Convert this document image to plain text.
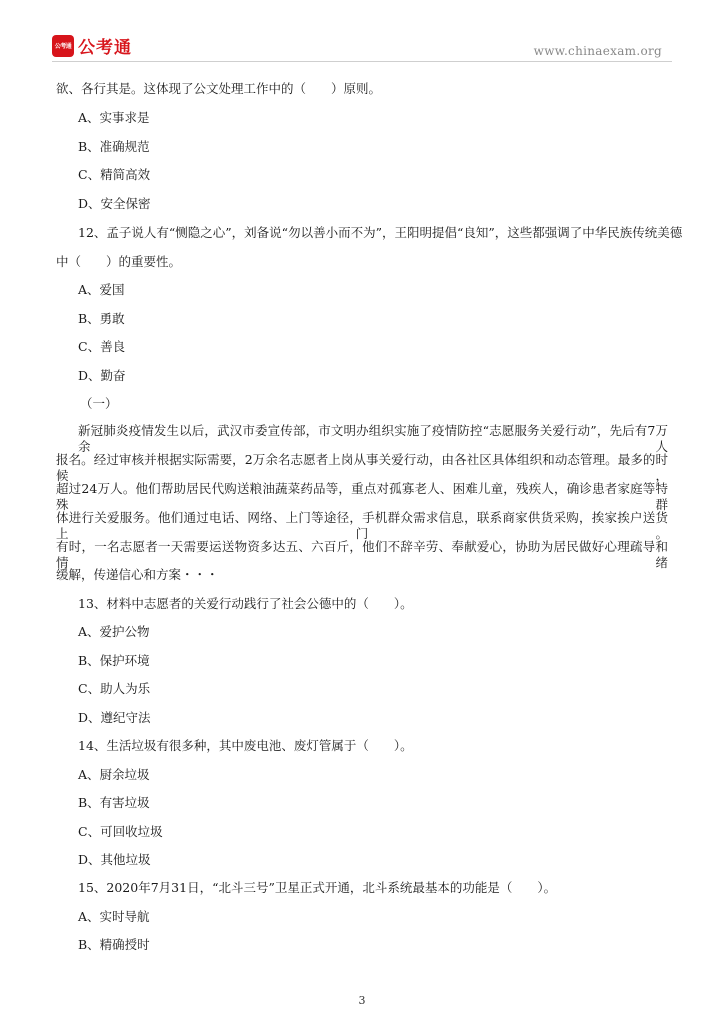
公考通 公考通	www.chinaexam.org
欲、各行其是。这体现了公文处理工作中的（　　）原则。
A、实事求是
B、准确规范
C、精简高效
D、安全保密
12、孟子说人有“恻隐之心”，刘备说“勿以善小而不为”，王阳明提倡“良知”，这些都强调了中华民族传统美德
中（　　）的重要性。
A、爱国
B、勇敢
C、善良
D、勤奋
（一）
新冠肺炎疫情发生以后，武汉市委宣传部，市文明办组织实施了疫情防控“志愿服务关爱行动”，先后有7万余人
报名。经过审核并根据实际需要，2万余名志愿者上岗从事关爱行动，由各社区具体组织和动态管理。最多的时候，
超过24万人。他们帮助居民代购送粮油蔬菜药品等，重点对孤寡老人、困难儿童，残疾人，确诊患者家庭等特殊群
体进行关爱服务。他们通过电话、网络、上门等途径，手机群众需求信息，联系商家供货采购，挨家挨户送货上门。
有时，一名志愿者一天需要运送物资多达五、六百斤，他们不辞辛劳、奉献爱心，协助为居民做好心理疏导和情绪
缓解，传递信心和方案・・・
13、材料中志愿者的关爱行动践行了社会公德中的（　　）。
A、爱护公物
B、保护环境
C、助人为乐
D、遵纪守法
14、生活垃圾有很多种，其中废电池、废灯管属于（　　）。
A、厨余垃圾
B、有害垃圾
C、可回收垃圾
D、其他垃圾
15、2020年7月31日，“北斗三号”卫星正式开通，北斗系统最基本的功能是（　　）。
A、实时导航
B、精确授时
3
